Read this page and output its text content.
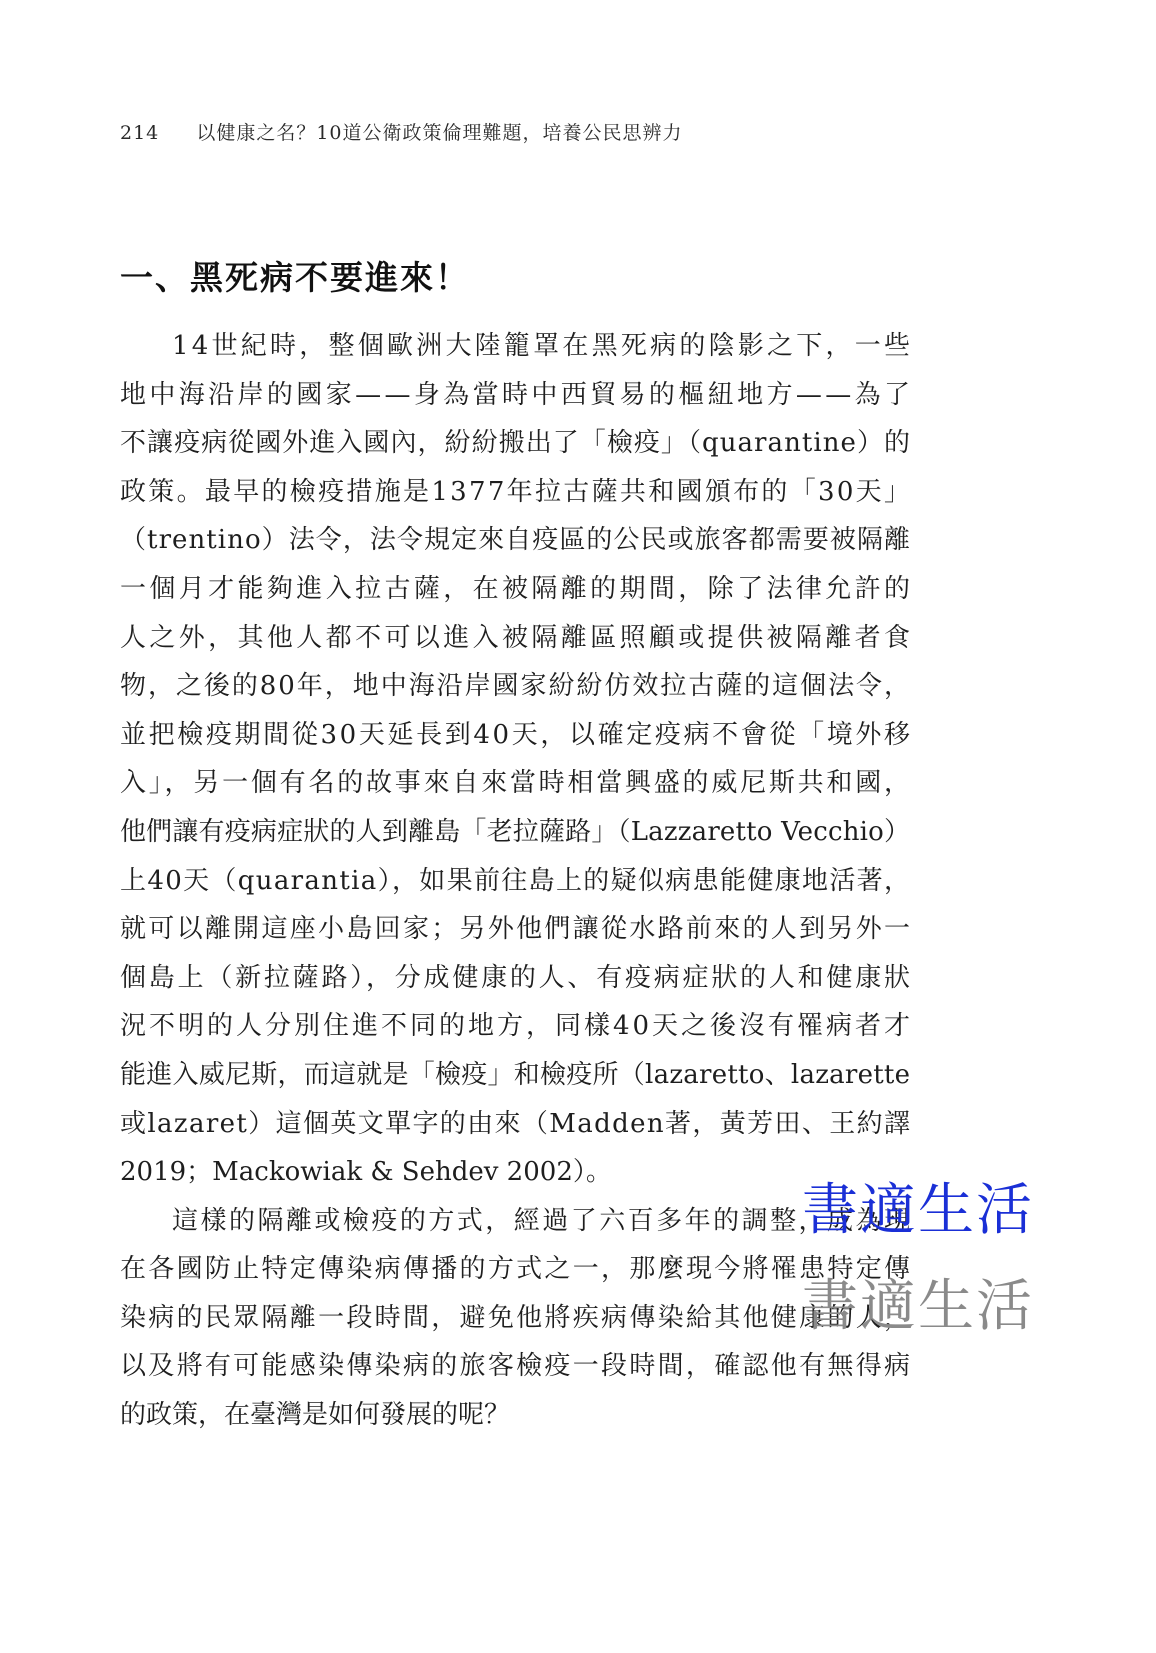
214 以健康之名？10道公衛政策倫理難題，培養公民思辨力
一、黑死病不要進來！
14世紀時，整個歐洲大陸籠罩在黑死病的陰影之下，一些
地中海沿岸的國家——身為當時中西貿易的樞紐地方——為了
不讓疫病從國外進入國內，紛紛搬出了「檢疫」（quarantine）的
政策。最早的檢疫措施是1377年拉古薩共和國頒布的「30天」
（trentino）法令，法令規定來自疫區的公民或旅客都需要被隔離
一個月才能夠進入拉古薩，在被隔離的期間，除了法律允許的
人之外，其他人都不可以進入被隔離區照顧或提供被隔離者食
物，之後的80年，地中海沿岸國家紛紛仿效拉古薩的這個法令，
並把檢疫期間從30天延長到40天，以確定疫病不會從「境外移
入」，另一個有名的故事來自來當時相當興盛的威尼斯共和國，
他們讓有疫病症狀的人到離島「老拉薩路」（Lazzaretto Vecchio）
上40天（quarantia），如果前往島上的疑似病患能健康地活著，
就可以離開這座小島回家；另外他們讓從水路前來的人到另外一
個島上（新拉薩路），分成健康的人、有疫病症狀的人和健康狀
況不明的人分別住進不同的地方，同樣40天之後沒有罹病者才
能進入威尼斯，而這就是「檢疫」和檢疫所（lazaretto、lazarette
或lazaret）這個英文單字的由來（Madden著，黃芳田、王約譯
2019；Mackowiak & Sehdev 2002）。
這樣的隔離或檢疫的方式，經過了六百多年的調整，成為現
在各國防止特定傳染病傳播的方式之一，那麼現今將罹患特定傳
染病的民眾隔離一段時間，避免他將疾病傳染給其他健康的人，
以及將有可能感染傳染病的旅客檢疫一段時間，確認他有無得病
的政策，在臺灣是如何發展的呢？
書適生活
書適生活
